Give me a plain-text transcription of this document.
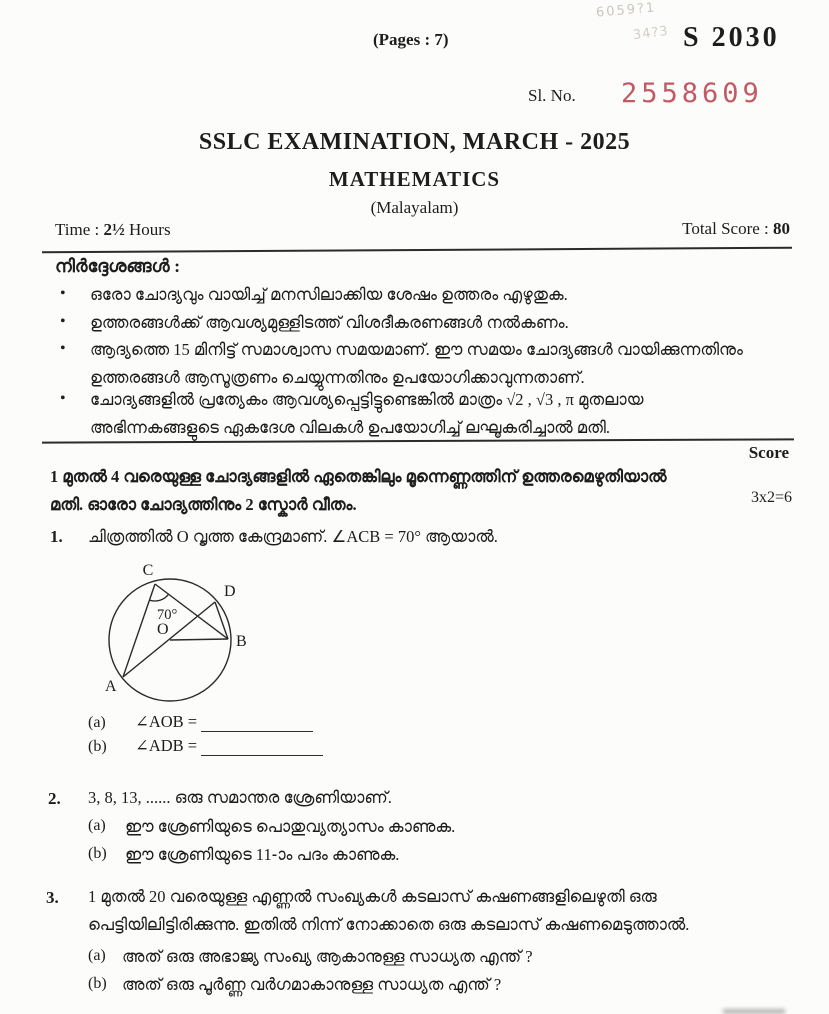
6059?1
34?3
(Pages : 7)	S 2030
Sl. No. 2558609
SSLC EXAMINATION, MARCH - 2025
MATHEMATICS
(Malayalam)
Time : 2½ Hours	Total Score : 80
നിർദ്ദേശങ്ങൾ :
• ഒരോ ചോദ്യവും വായിച്ച് മനസിലാക്കിയ ശേഷം ഉത്തരം എഴുതുക.
• ഉത്തരങ്ങൾക്ക് ആവശ്യമുള്ളിടത്ത് വിശദീകരണങ്ങൾ നൽകണം.
• ആദ്യത്തെ 15 മിനിട്ട് സമാശ്വാസ സമയമാണ്. ഈ സമയം ചോദ്യങ്ങൾ വായിക്കുന്നതിനും
ഉത്തരങ്ങൾ ആസൂത്രണം ചെയ്യുന്നതിനും ഉപയോഗിക്കാവുന്നതാണ്.
• ചോദ്യങ്ങളിൽ പ്രത്യേകം ആവശ്യപ്പെട്ടിട്ടുണ്ടെങ്കിൽ മാത്രം √2 , √3 , π മുതലായ
അഭിന്നകങ്ങളുടെ ഏകദേശ വിലകൾ ഉപയോഗിച്ച് ലഘൂകരിച്ചാൽ മതി.
Score
1 മുതൽ 4 വരെയുള്ള ചോദ്യങ്ങളിൽ ഏതെങ്കിലും മൂന്നെണ്ണത്തിന് ഉത്തരമെഴുതിയാൽ
മതി. ഓരോ ചോദ്യത്തിനും 2 സ്കോർ വീതം.	3x2=6
1. ചിത്രത്തിൽ O വൃത്ത കേന്ദ്രമാണ്. ∠ACB = 70° ആയാൽ.
C
D
B
A
O
70°
(a)	∠AOB =
(b)	∠ADB =
2. 3, 8, 13, ...... ഒരു സമാന്തര ശ്രേണിയാണ്.
(a) ഈ ശ്രേണിയുടെ പൊതുവ്യത്യാസം കാണുക.
(b) ഈ ശ്രേണിയുടെ 11-ാം പദം കാണുക.
3. 1 മുതൽ 20 വരെയുള്ള എണ്ണൽ സംഖ്യകൾ കടലാസ് കഷണങ്ങളിലെഴുതി ഒരു
പെട്ടിയിലിട്ടിരിക്കുന്നു. ഇതിൽ നിന്ന് നോക്കാതെ ഒരു കടലാസ് കഷണമെടുത്താൽ.
(a) അത് ഒരു അഭാജ്യ സംഖ്യ ആകാനുള്ള സാധ്യത എന്ത് ?
(b) അത് ഒരു പൂർണ്ണ വർഗമാകാനുള്ള സാധ്യത എന്ത് ?
